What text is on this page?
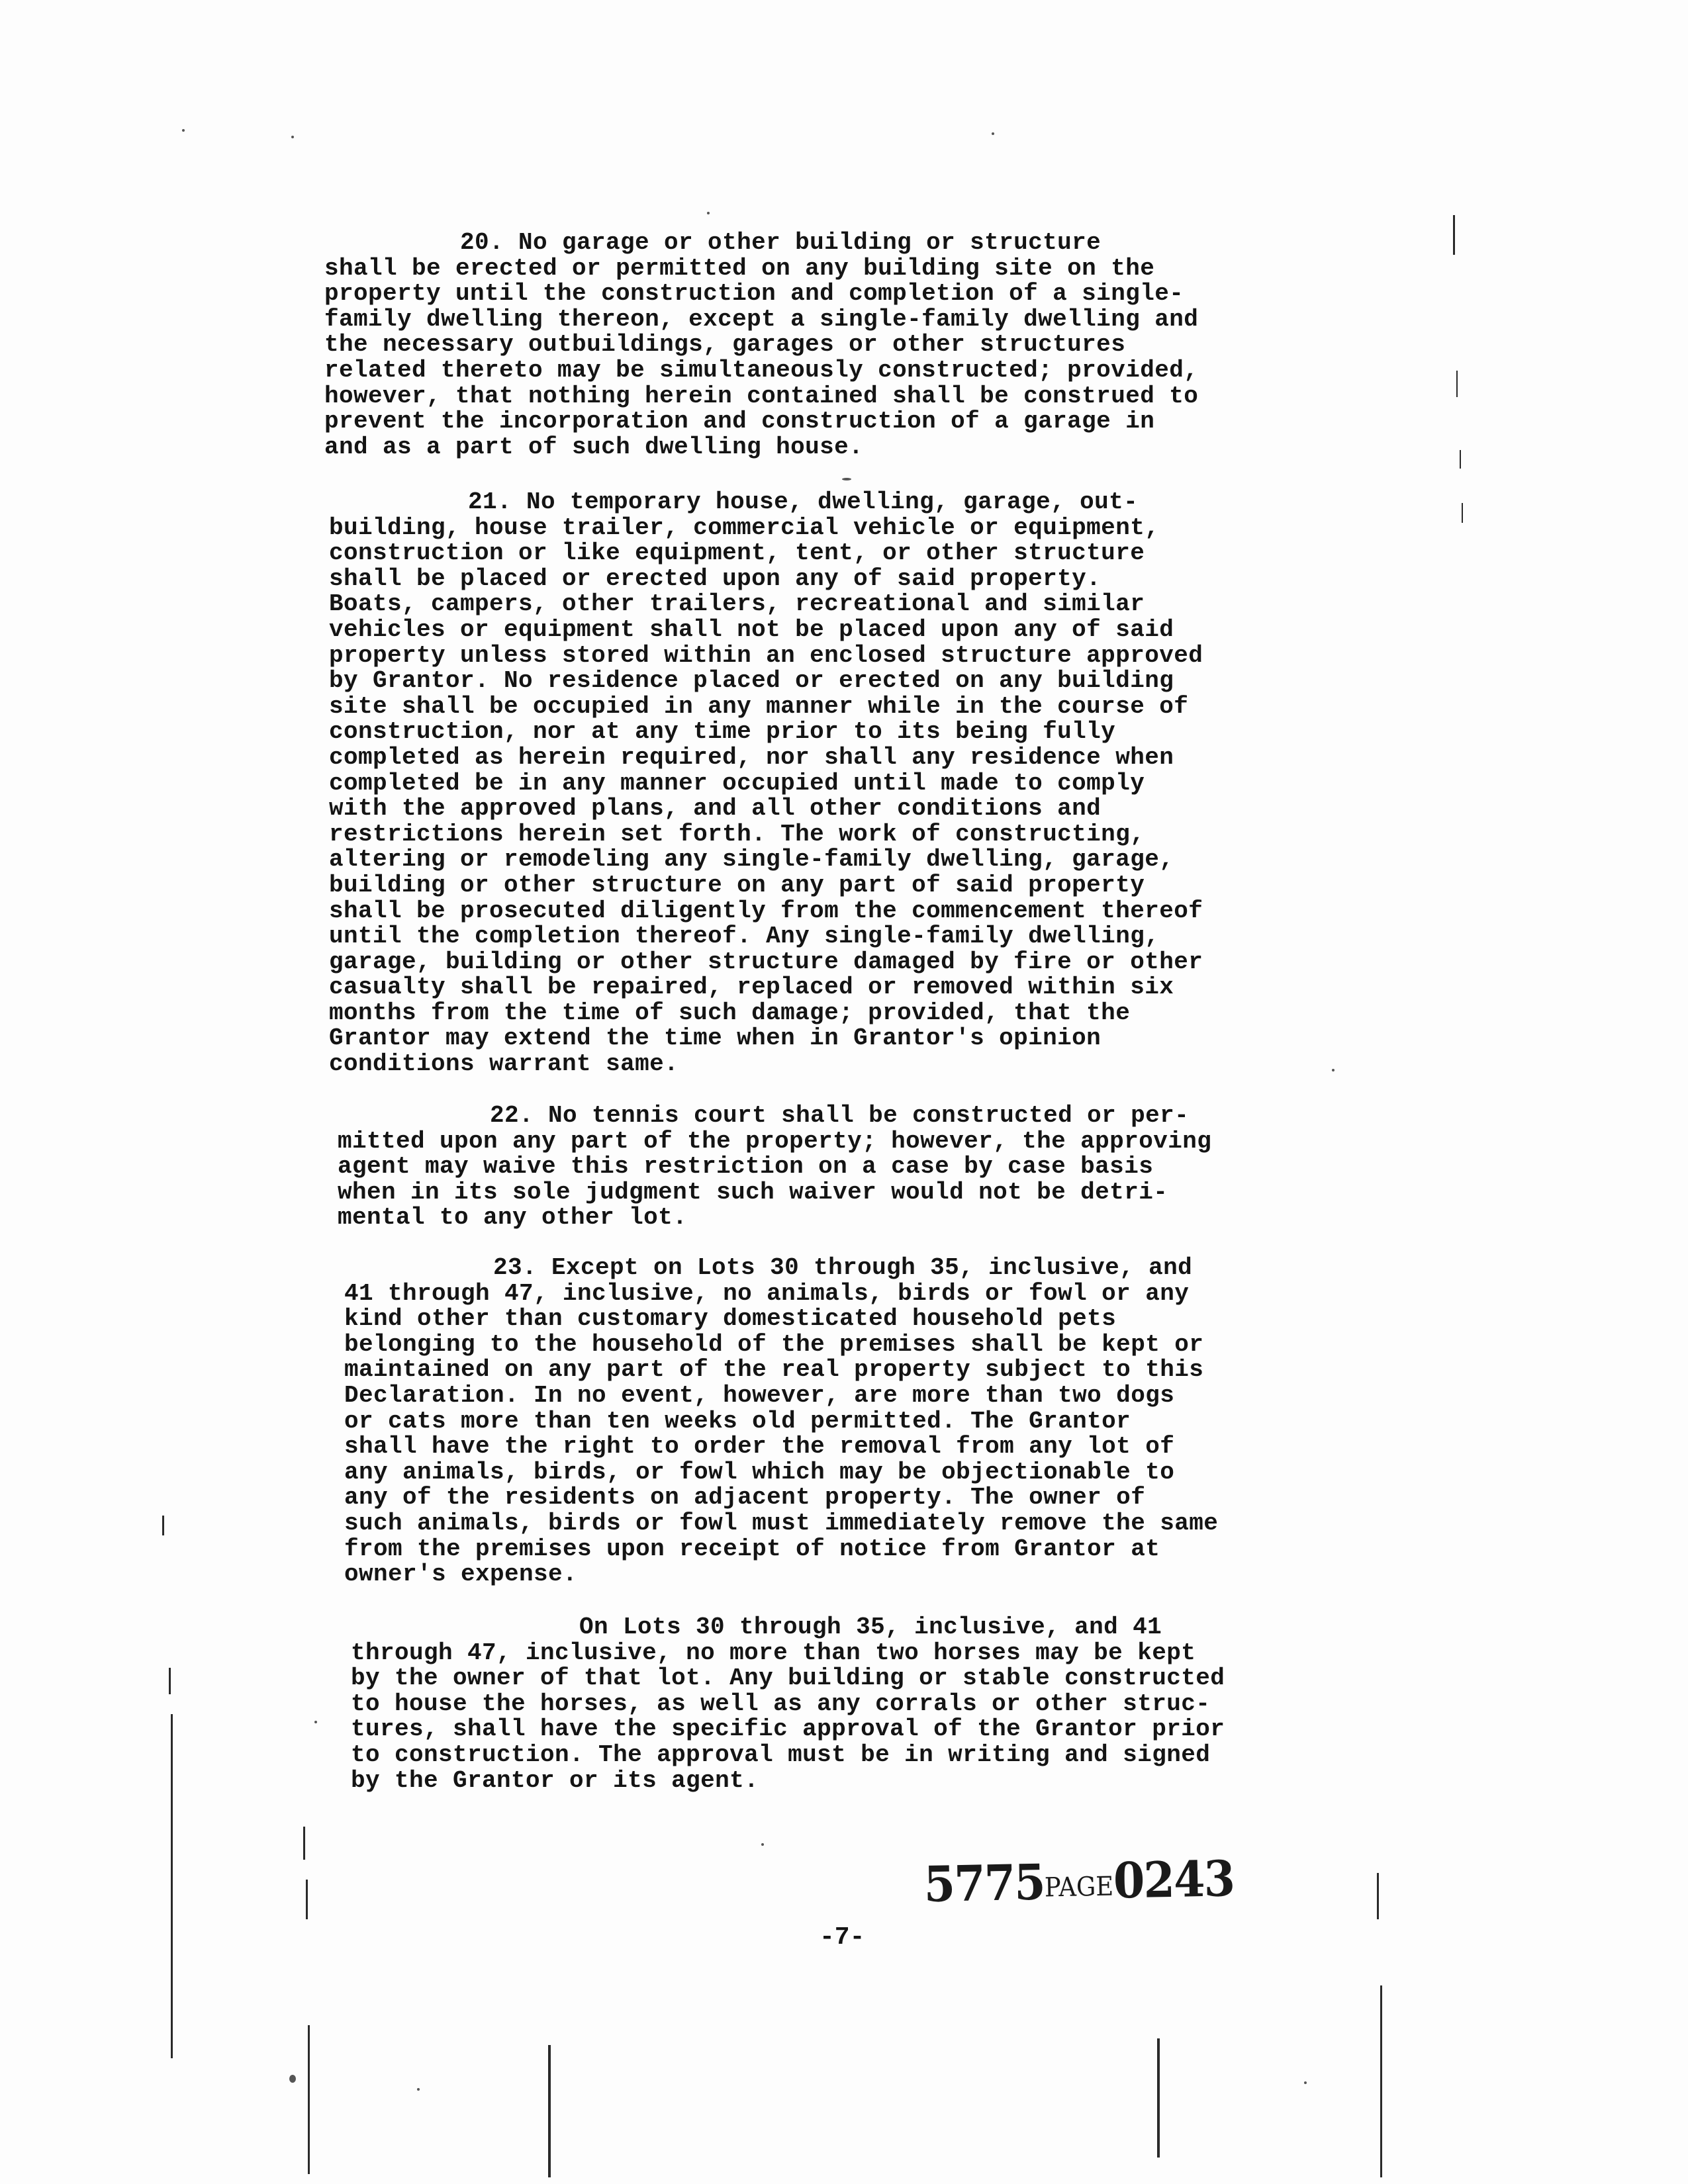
20. No garage or other building or structure
shall be erected or permitted on any building site on the
property until the construction and completion of a single-
family dwelling thereon, except a single-family dwelling and
the necessary outbuildings, garages or other structures
related thereto may be simultaneously constructed; provided,
however, that nothing herein contained shall be construed to
prevent the incorporation and construction of a garage in
and as a part of such dwelling house.
21. No temporary house, dwelling, garage, out-
building, house trailer, commercial vehicle or equipment,
construction or like equipment, tent, or other structure
shall be placed or erected upon any of said property.
Boats, campers, other trailers, recreational and similar
vehicles or equipment shall not be placed upon any of said
property unless stored within an enclosed structure approved
by Grantor. No residence placed or erected on any building
site shall be occupied in any manner while in the course of
construction, nor at any time prior to its being fully
completed as herein required, nor shall any residence when
completed be in any manner occupied until made to comply
with the approved plans, and all other conditions and
restrictions herein set forth. The work of constructing,
altering or remodeling any single-family dwelling, garage,
building or other structure on any part of said property
shall be prosecuted diligently from the commencement thereof
until the completion thereof. Any single-family dwelling,
garage, building or other structure damaged by fire or other
casualty shall be repaired, replaced or removed within six
months from the time of such damage; provided, that the
Grantor may extend the time when in Grantor's opinion
conditions warrant same.
22. No tennis court shall be constructed or per-
mitted upon any part of the property; however, the approving
agent may waive this restriction on a case by case basis
when in its sole judgment such waiver would not be detri-
mental to any other lot.
23. Except on Lots 30 through 35, inclusive, and
41 through 47, inclusive, no animals, birds or fowl or any
kind other than customary domesticated household pets
belonging to the household of the premises shall be kept or
maintained on any part of the real property subject to this
Declaration. In no event, however, are more than two dogs
or cats more than ten weeks old permitted. The Grantor
shall have the right to order the removal from any lot of
any animals, birds, or fowl which may be objectionable to
any of the residents on adjacent property. The owner of
such animals, birds or fowl must immediately remove the same
from the premises upon receipt of notice from Grantor at
owner's expense.
On Lots 30 through 35, inclusive, and 41
through 47, inclusive, no more than two horses may be kept
by the owner of that lot. Any building or stable constructed
to house the horses, as well as any corrals or other struc-
tures, shall have the specific approval of the Grantor prior
to construction. The approval must be in writing and signed
by the Grantor or its agent.
5775PAGE0243
-7-
